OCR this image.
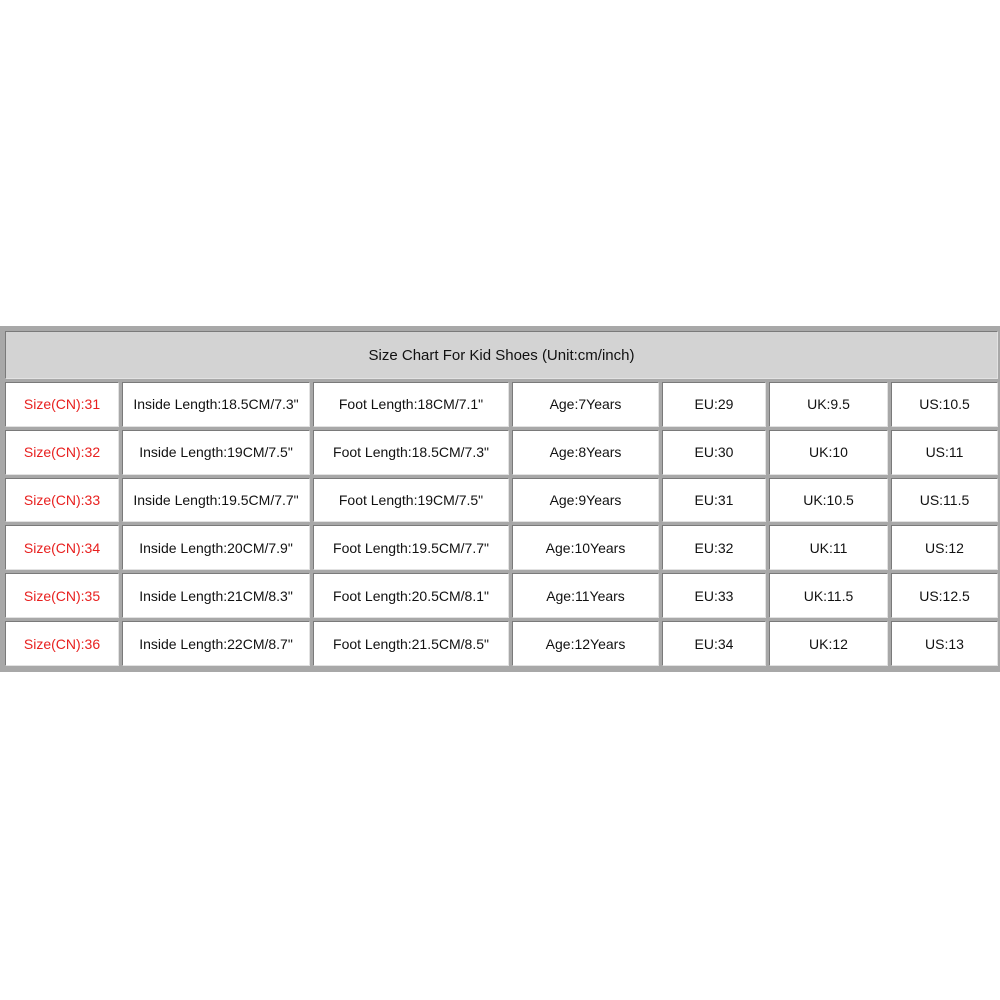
Size Chart For Kid Shoes (Unit:cm/inch)						
Size(CN):31	Inside Length:18.5CM/7.3"	Foot Length:18CM/7.1"	Age:7Years	EU:29	UK:9.5	US:10.5
Size(CN):32	Inside Length:19CM/7.5"	Foot Length:18.5CM/7.3"	Age:8Years	EU:30	UK:10	US:11
Size(CN):33	Inside Length:19.5CM/7.7"	Foot Length:19CM/7.5"	Age:9Years	EU:31	UK:10.5	US:11.5
Size(CN):34	Inside Length:20CM/7.9"	Foot Length:19.5CM/7.7"	Age:10Years	EU:32	UK:11	US:12
Size(CN):35	Inside Length:21CM/8.3"	Foot Length:20.5CM/8.1"	Age:11Years	EU:33	UK:11.5	US:12.5
Size(CN):36	Inside Length:22CM/8.7"	Foot Length:21.5CM/8.5"	Age:12Years	EU:34	UK:12	US:13
